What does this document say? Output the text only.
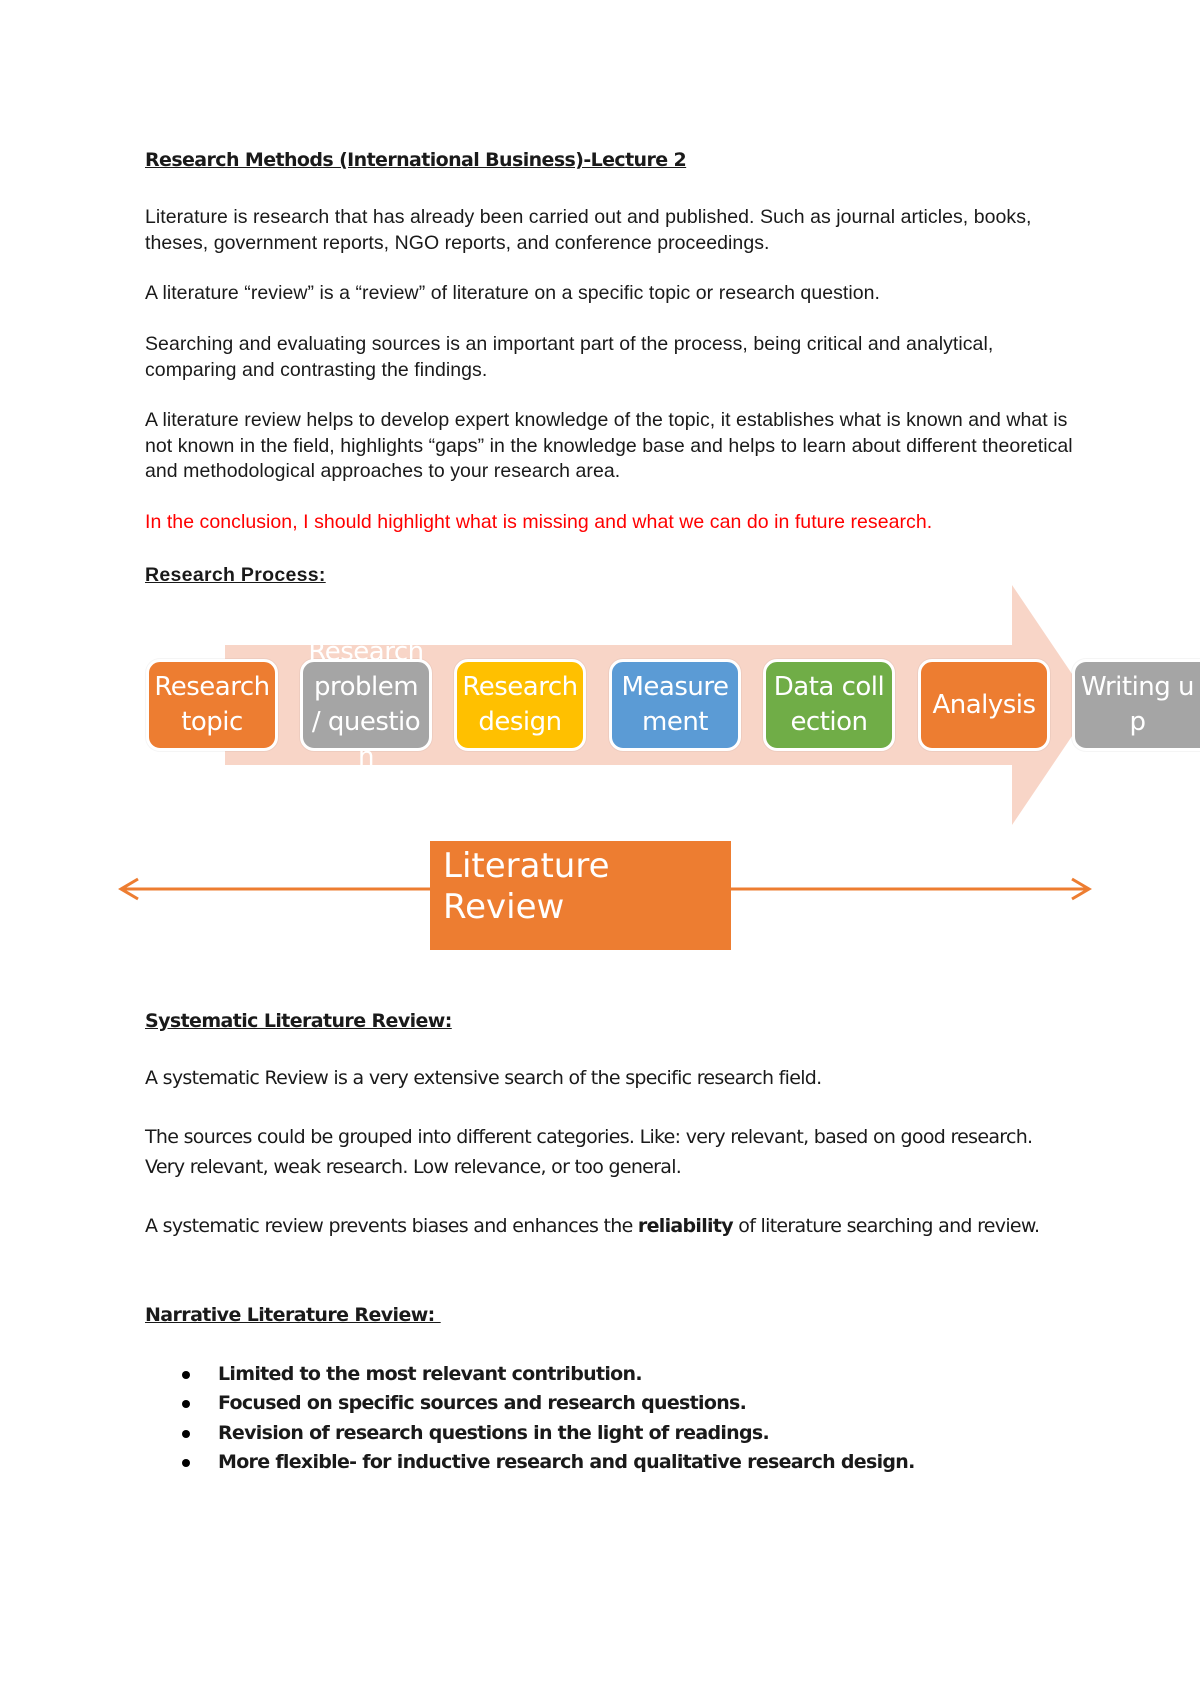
Research Methods (International Business)-Lecture 2
Literature is research that has already been carried out and published. Such as journal articles, books, theses, government reports, NGO reports, and conference proceedings.
A literature “review” is a “review” of literature on a specific topic or research question.
Searching and evaluating sources is an important part of the process, being critical and analytical, comparing and contrasting the findings.
A literature review helps to develop expert knowledge of the topic, it establishes what is known and what is not known in the field, highlights “gaps” in the knowledge base and helps to learn about different theoretical and methodological approaches to your research area.
In the conclusion, I should highlight what is missing and what we can do in future research.
Research Process:
Research topic
Research problem / question
Research design
Measurement
Data collection
Analysis
Writing up
Literature
Review
Systematic Literature Review:
A systematic Review is a very extensive search of the specific research field.
The sources could be grouped into different categories. Like: very relevant, based on good research. Very relevant, weak research. Low relevance, or too general.
A systematic review prevents biases and enhances the reliability of literature searching and review.
Narrative Literature Review:
Limited to the most relevant contribution.
Focused on specific sources and research questions.
Revision of research questions in the light of readings.
More flexible- for inductive research and qualitative research design.
